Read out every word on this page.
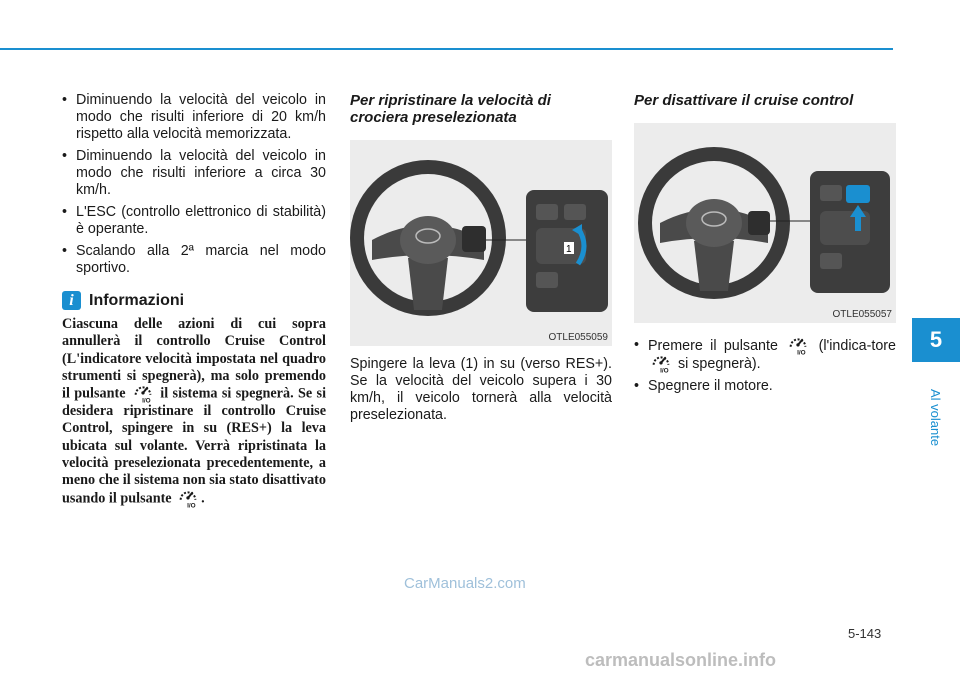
• Diminuendo la velocità del veicolo in modo che risulti inferiore di 20 km/h rispetto alla velocità memorizzata.
• Diminuendo la velocità del veicolo in modo che risulti inferiore a circa 30 km/h.
• L'ESC (controllo elettronico di stabilità) è operante.
• Scalando alla 2ª marcia nel modo sportivo.
i Informazioni
Ciascuna delle azioni di cui sopra annullerà il controllo Cruise Control (L'indicatore velocità impostata nel quadro strumenti si spegnerà), ma solo premendo il pulsante il sistema si spegnerà. Se si desidera ripristinare il controllo Cruise Control, spingere in su (RES+) la leva ubicata sul volante. Verrà ripristinata la velocità preselezionata precedentemente, a meno che il sistema non sia stato disattivato usando il pulsante .
Per ripristinare la velocità di crociera preselezionata
1
OTLE055059
Spingere la leva (1) in su (verso RES+). Se la velocità del veicolo supera i 30 km/h, il veicolo tornerà alla velocità preselezionata.
Per disattivare il cruise control
OTLE055057
• Premere il pulsante	(l'indica-tore  si spegnerà).
• Spegnere il motore.
5
Al volante
5-143
CarManuals2.com
carmanualsonline.info
